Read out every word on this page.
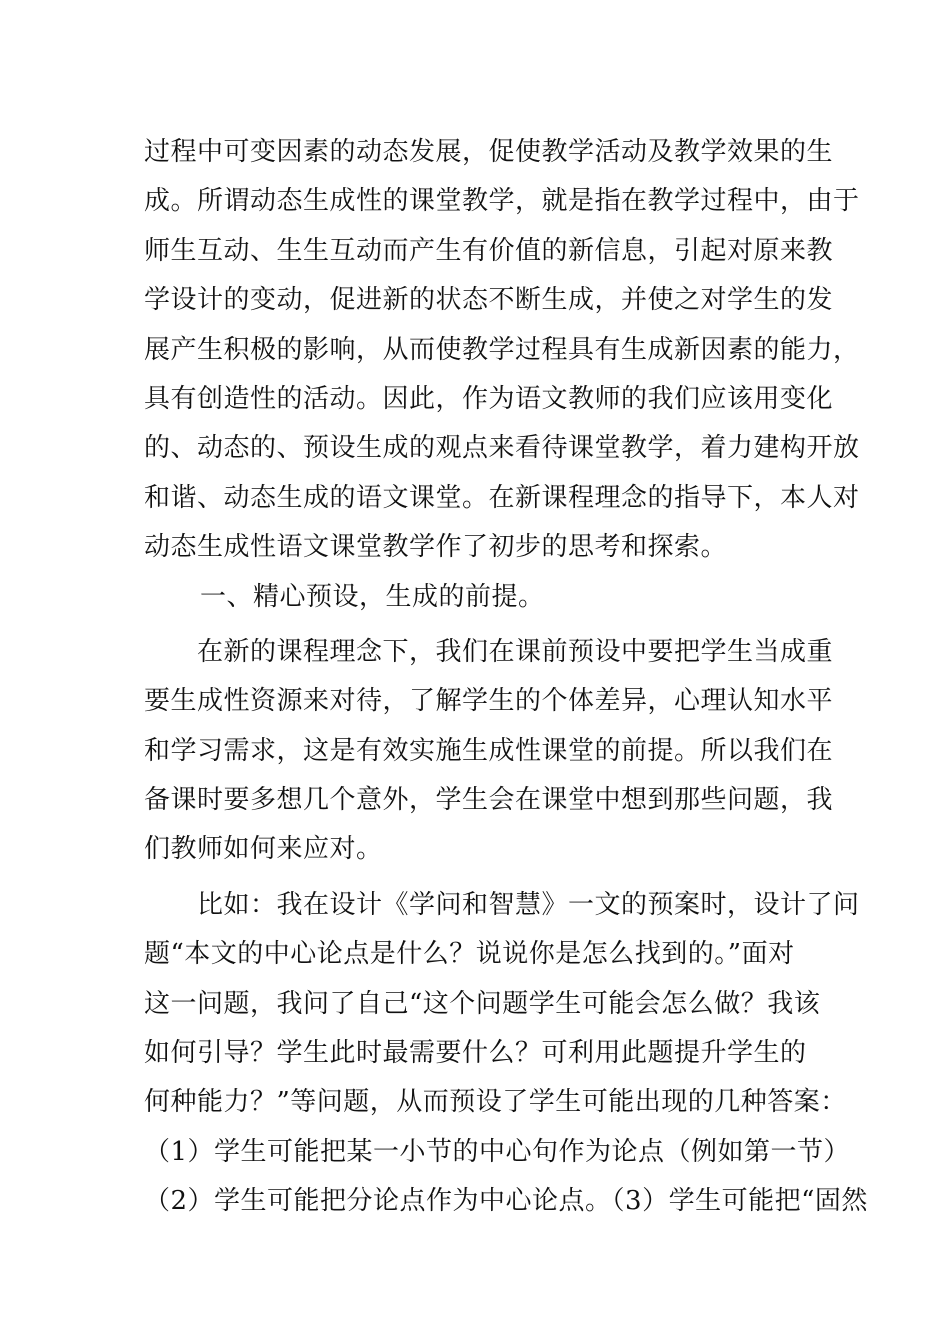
过程中可变因素的动态发展，促使教学活动及教学效果的生
成。所谓动态生成性的课堂教学，就是指在教学过程中，由于
师生互动、生生互动而产生有价值的新信息，引起对原来教
学设计的变动，促进新的状态不断生成，并使之对学生的发
展产生积极的影响，从而使教学过程具有生成新因素的能力，
具有创造性的活动。因此，作为语文教师的我们应该用变化
的、动态的、预设生成的观点来看待课堂教学，着力建构开放
和谐、动态生成的语文课堂。在新课程理念的指导下，本人对
动态生成性语文课堂教学作了初步的思考和探索。
一、精心预设，生成的前提。
在新的课程理念下，我们在课前预设中要把学生当成重
要生成性资源来对待，了解学生的个体差异，心理认知水平
和学习需求，这是有效实施生成性课堂的前提。所以我们在
备课时要多想几个意外，学生会在课堂中想到那些问题，我
们教师如何来应对。
比如：我在设计《学问和智慧》一文的预案时，设计了问
题“本文的中心论点是什么？说说你是怎么找到的。”面对
这一问题，我问了自己“这个问题学生可能会怎么做？我该
如何引导？学生此时最需要什么？可利用此题提升学生的
何种能力？”等问题，从而预设了学生可能出现的几种答案：
（1）学生可能把某一小节的中心句作为论点（例如第一节）
（2）学生可能把分论点作为中心论点。（3）学生可能把“固然
